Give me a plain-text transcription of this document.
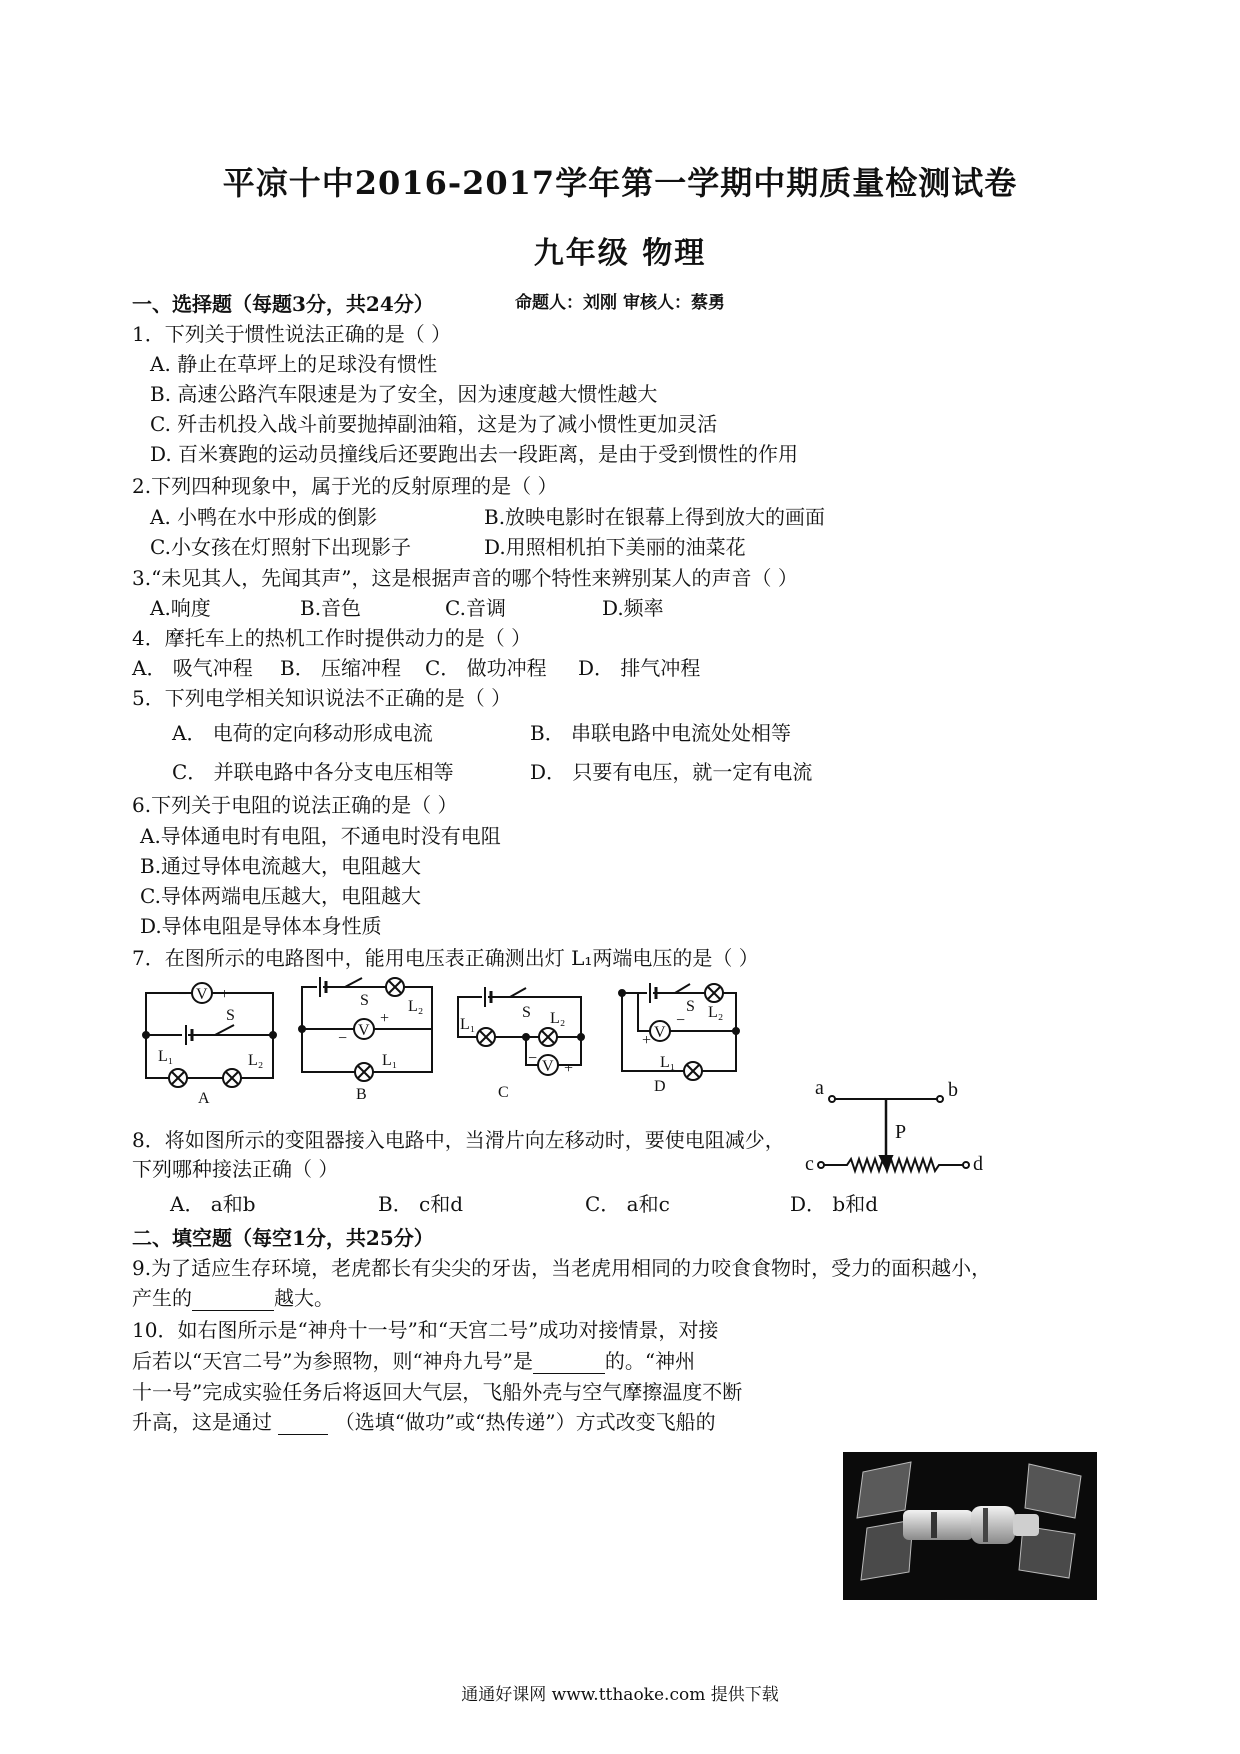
平凉十中2016-2017学年第一学期中期质量检测试卷
九年级 物理
命题人：刘刚 审核人：蔡勇
一、选择题（每题3分，共24分）
1．下列关于惯性说法正确的是（ ）
A. 静止在草坪上的足球没有惯性
B. 高速公路汽车限速是为了安全，因为速度越大惯性越大
C. 歼击机投入战斗前要抛掉副油箱，这是为了减小惯性更加灵活
D. 百米赛跑的运动员撞线后还要跑出去一段距离，是由于受到惯性的作用
2.下列四种现象中，属于光的反射原理的是（ ）
A. 小鸭在水中形成的倒影	B.放映电影时在银幕上得到放大的画面
C.小女孩在灯照射下出现影子	D.用照相机拍下美丽的油菜花
3.“未见其人，先闻其声”，这是根据声音的哪个特性来辨别某人的声音（ ）
A.响度	B.音色	C.音调	D.频率
4．摩托车上的热机工作时提供动力的是（ ）
A． 吸气冲程 B． 压缩冲程 C． 做功冲程 D． 排气冲程
5．下列电学相关知识说法不正确的是（ ）
A． 电荷的定向移动形成电流	B． 串联电路中电流处处相等
C． 并联电路中各分支电压相等	D． 只要有电压，就一定有电流
6.下列关于电阻的说法正确的是（ ）
A.导体通电时有电阻，不通电时没有电阻
B.通过导体电流越大，电阻越大
C.导体两端电压越大，电阻越大
D.导体电阻是导体本身性质
7．在图所示的电路图中，能用电压表正确测出灯 L₁两端电压的是（ ）
V
− +
S
L₁	L₂
A
S L₂
V
−
+
L₁
B
S
L₁	L₂
V
−
+
C
S L₂
V
+
−
L₁
D
8．将如图所示的变阻器接入电路中，当滑片向左移动时，要使电阻减少，
下列哪种接法正确（ ）
A． a和b	B． c和d	C． a和c	D． b和d
a	b
P
c	d
二、填空题（每空1分，共25分）
9.为了适应生存环境，老虎都长有尖尖的牙齿，当老虎用相同的力咬食食物时，受力的面积越小，
产生的	越大。
10．如右图所示是“神舟十一号”和“天宫二号”成功对接情景，对接
后若以“天宫二号”为参照物，则“神舟九号”是	的。“神州
十一号”完成实验任务后将返回大气层，飞船外壳与空气摩擦温度不断
升高，这是通过	（选填“做功”或“热传递”）方式改变飞船的
通通好课网 www.tthaoke.com 提供下载
